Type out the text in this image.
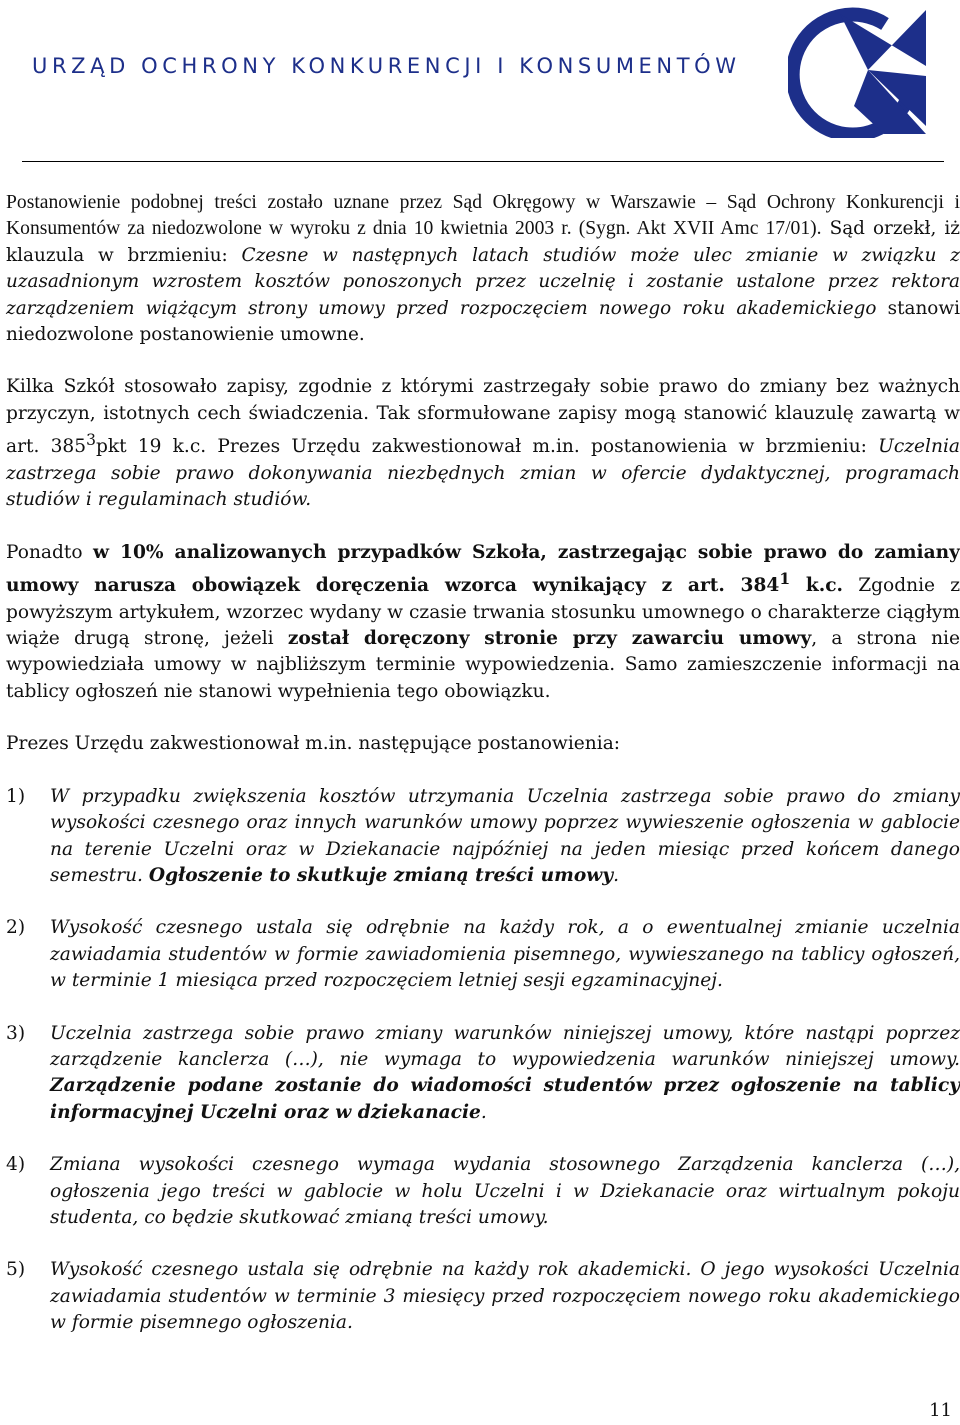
URZĄD OCHRONY KONKURENCJI I KONSUMENTÓW

Postanowienie podobnej treści zostało uznane przez Sąd Okręgowy w Warszawie – Sąd Ochrony Konkurencji i Konsumentów za niedozwolone w wyroku z dnia 10 kwietnia 2003 r. (Sygn. Akt XVII Amc 17/01). Sąd orzekł, iż klauzula w brzmieniu: Czesne w następnych latach studiów może ulec zmianie w związku z uzasadnionym wzrostem kosztów ponoszonych przez uczelnię i zostanie ustalone przez rektora zarządzeniem wiążącym strony umowy przed rozpoczęciem nowego roku akademickiego stanowi niedozwolone postanowienie umowne.

Kilka Szkół stosowało zapisy, zgodnie z którymi zastrzegały sobie prawo do zmiany bez ważnych przyczyn, istotnych cech świadczenia. Tak sformułowane zapisy mogą stanowić klauzulę zawartą w art. $385^3pkt$ 19 k.c. Prezes Urzędu zakwestionował m.in. postanowienia w brzmieniu: Uczelnia zastrzega sobie prawo dokonywania niezbędnych zmian w ofercie dydaktycznej, programach studiów i regulaminach studiów.

Ponadto w 10% analizowanych przypadków Szkoła, zastrzegając sobie prawo do zamiany umowy narusza obowiązek doręczenia wzorca wynikający z art. $384^1$ k.c. Zgodnie z powyższym artykułem, wzorzec wydany w czasie trwania stosunku umownego o charakterze ciągłym wiąże drugą stronę, jeżeli został doręczony stronie przy zawarciu umowy, a strona nie wypowiedziała umowy w najbliższym terminie wypowiedzenia. Samo zamieszczenie informacji na tablicy ogłoszeń nie stanowi wypełnienia tego obowiązku.

Prezes Urzędu zakwestionował m.in. następujące postanowienia:

1)	W przypadku zwiększenia kosztów utrzymania Uczelnia zastrzega sobie prawo do zmiany wysokości czesnego oraz innych warunków umowy poprzez wywieszenie ogłoszenia w gablocie na terenie Uczelni oraz w Dziekanacie najpóźniej na jeden miesiąc przed końcem danego semestru. Ogłoszenie to skutkuje zmianą treści umowy.
2)	Wysokość czesnego ustala się odrębnie na każdy rok, a o ewentualnej zmianie uczelnia zawiadamia studentów w formie zawiadomienia pisemnego, wywieszanego na tablicy ogłoszeń, w terminie 1 miesiąca przed rozpoczęciem letniej sesji egzaminacyjnej.
3)	Uczelnia zastrzega sobie prawo zmiany warunków niniejszej umowy, które nastąpi poprzez zarządzenie kanclerza (…), nie wymaga to wypowiedzenia warunków niniejszej umowy. Zarządzenie podane zostanie do wiadomości studentów przez ogłoszenie na tablicy informacyjnej Uczelni oraz w dziekanacie.
4)	Zmiana wysokości czesnego wymaga wydania stosownego Zarządzenia kanclerza (…), ogłoszenia jego treści w gablocie w holu Uczelni i w Dziekanacie oraz wirtualnym pokoju studenta, co będzie skutkować zmianą treści umowy.
5)	Wysokość czesnego ustala się odrębnie na każdy rok akademicki. O jego wysokości Uczelnia zawiadamia studentów w terminie 3 miesięcy przed rozpoczęciem nowego roku akademickiego w formie pisemnego ogłoszenia.
11
